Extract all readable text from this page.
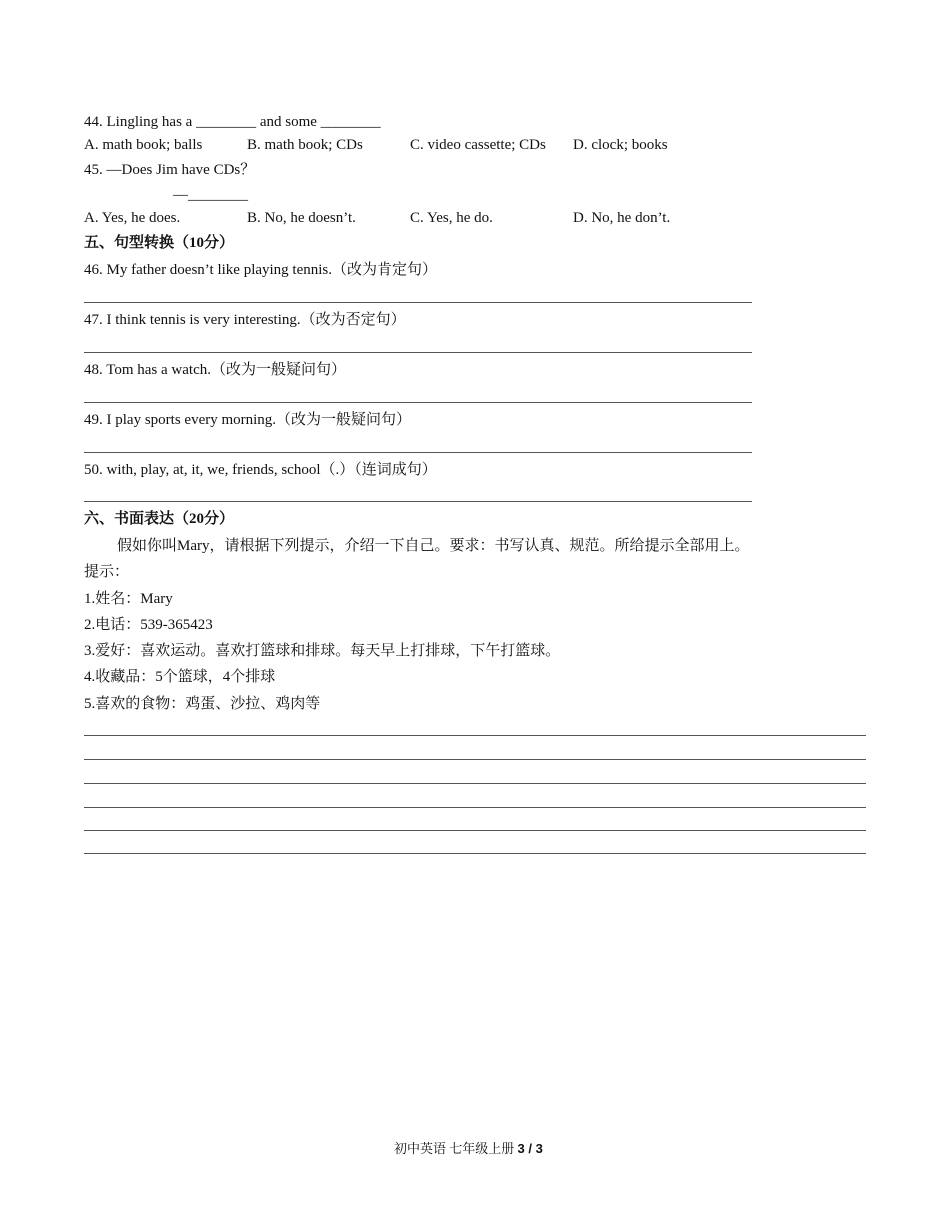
44. Lingling has a ________ and some ________
A. math book; balls	B. math book; CDs	C. video cassette; CDs D. clock; books
45. —Does Jim have CDs？
—________
A. Yes, he does.	B. No, he doesn’t.	C. Yes, he do.	D. No, he don’t.
五、句型转换（10分）
46. My father doesn’t like playing tennis.（改为肯定句）
47. I think tennis is very interesting.（改为否定句）
48. Tom has a watch.（改为一般疑问句）
49. I play sports every morning.（改为一般疑问句）
50. with, play, at, it, we, friends, school（.）（连词成句）
六、书面表达（20分）
假如你叫Mary，请根据下列提示，介绍一下自己。要求：书写认真、规范。所给提示全部用上。
提示：
1.姓名：Mary
2.电话：539-365423
3.爱好：喜欢运动。喜欢打篮球和排球。每天早上打排球，下午打篮球。
4.收藏品：5个篮球，4个排球
5.喜欢的食物：鸡蛋、沙拉、鸡肉等
初中英语 七年级上册 3 / 3
